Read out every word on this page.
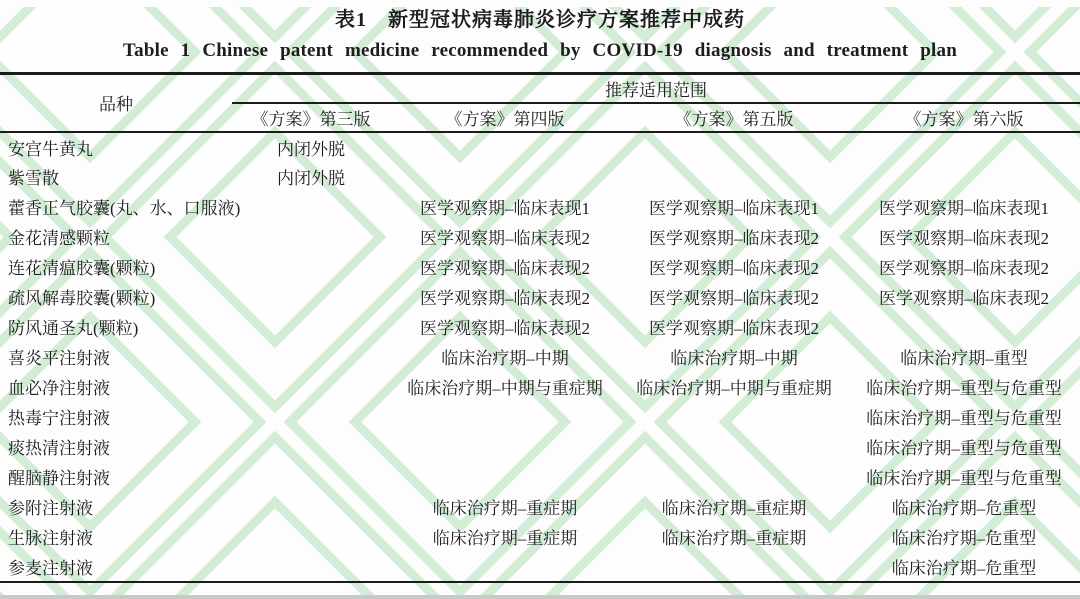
表1　新型冠状病毒肺炎诊疗方案推荐中成药
Table 1 Chinese patent medicine recommended by COVID-19 diagnosis and treatment plan
品种	推荐适用范围			
	《方案》第三版	《方案》第四版	《方案》第五版	《方案》第六版
安宫牛黄丸	内闭外脱			
紫雪散	内闭外脱			
藿香正气胶囊(丸、水、口服液)		医学观察期–临床表现1	医学观察期–临床表现1	医学观察期–临床表现1
金花清感颗粒		医学观察期–临床表现2	医学观察期–临床表现2	医学观察期–临床表现2
连花清瘟胶囊(颗粒)		医学观察期–临床表现2	医学观察期–临床表现2	医学观察期–临床表现2
疏风解毒胶囊(颗粒)		医学观察期–临床表现2	医学观察期–临床表现2	医学观察期–临床表现2
防风通圣丸(颗粒)		医学观察期–临床表现2	医学观察期–临床表现2	
喜炎平注射液		临床治疗期–中期	临床治疗期–中期	临床治疗期–重型
血必净注射液		临床治疗期–中期与重症期	临床治疗期–中期与重症期	临床治疗期–重型与危重型
热毒宁注射液				临床治疗期–重型与危重型
痰热清注射液				临床治疗期–重型与危重型
醒脑静注射液				临床治疗期–重型与危重型
参附注射液		临床治疗期–重症期	临床治疗期–重症期	临床治疗期–危重型
生脉注射液		临床治疗期–重症期	临床治疗期–重症期	临床治疗期–危重型
参麦注射液				临床治疗期–危重型
